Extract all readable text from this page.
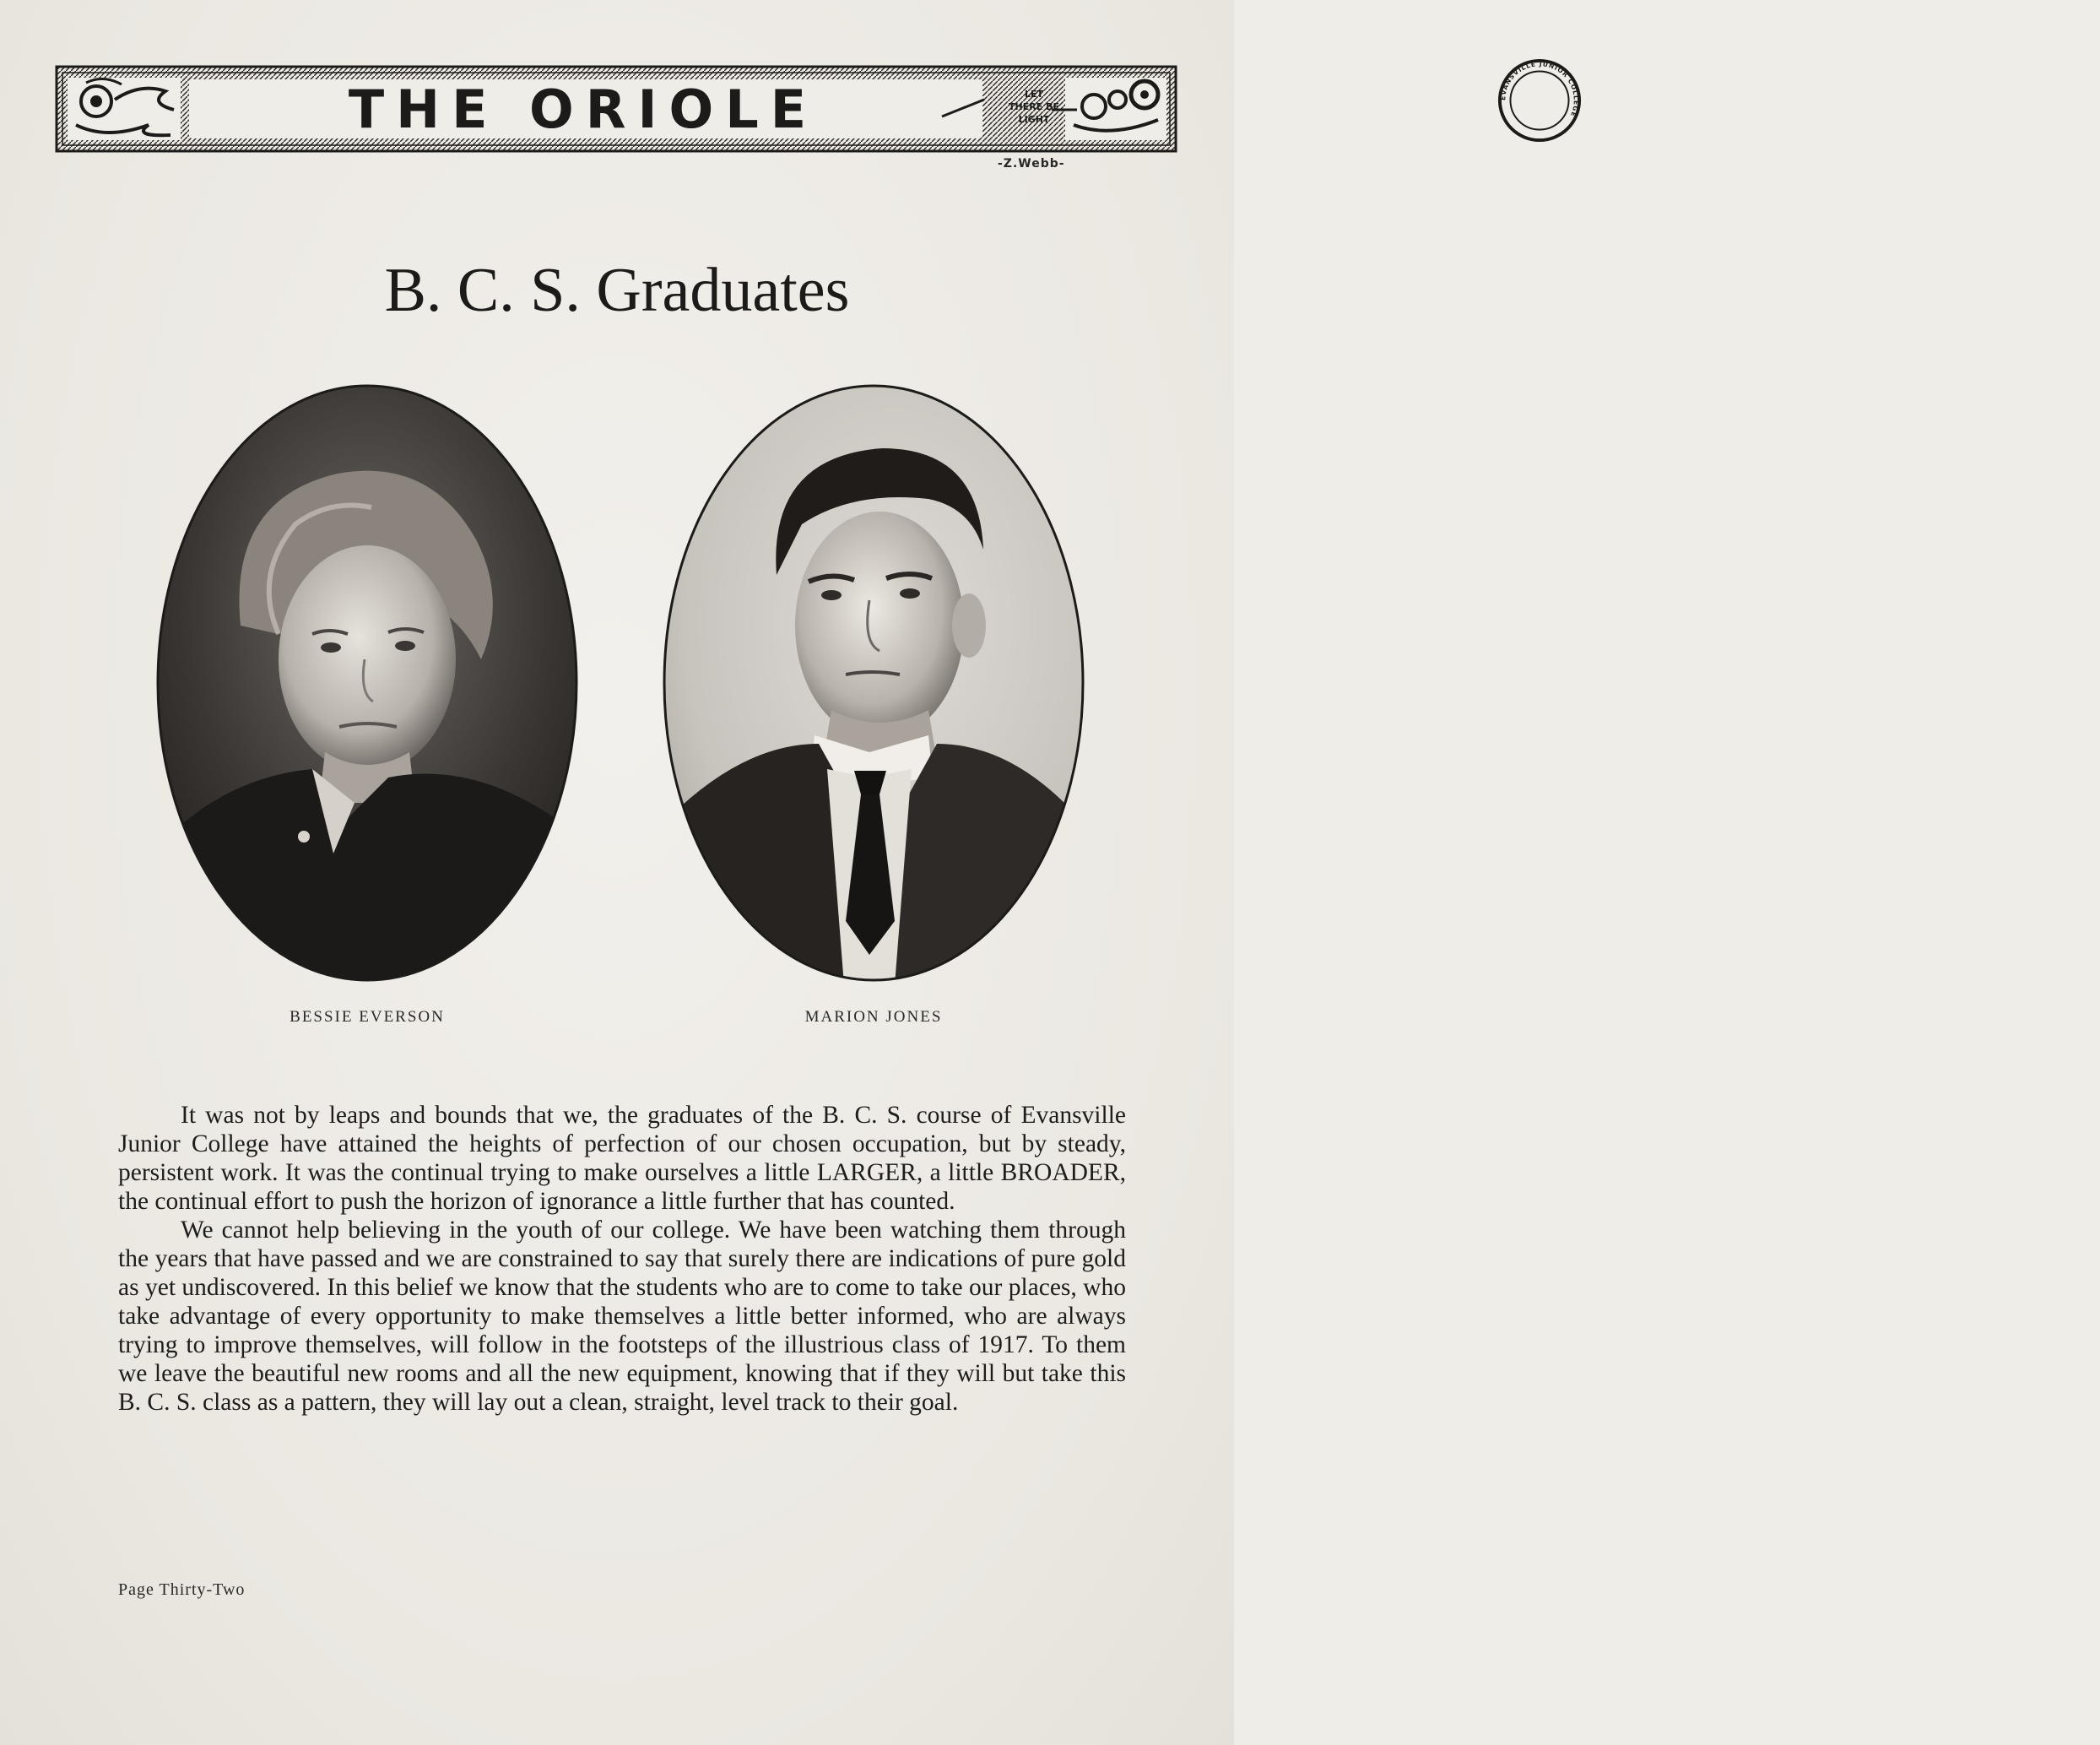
THE ORIOLE	EVANSVILLE JUNIOR COLLEGE
LET
THERE BE
LIGHT
-Z.Webb-
B. C. S. Graduates
BESSIE EVERSON	MARION JONES

It was not by leaps and bounds that we, the graduates of the B. C. S. course of Evansville Junior College have attained the heights of perfection of our chosen occupation, but by steady, persistent work. It was the continual trying to make ourselves a little LARGER, a little BROADER, the continual effort to push the horizon of ignorance a little further that has counted.

We cannot help believing in the youth of our college. We have been watching them through the years that have passed and we are constrained to say that surely there are indications of pure gold as yet undiscovered. In this belief we know that the students who are to come to take our places, who take advantage of every opportunity to make themselves a little better informed, who are always trying to improve themselves, will follow in the footsteps of the illustrious class of 1917. To them we leave the beautiful new rooms and all the new equipment, knowing that if they will but take this B. C. S. class as a pattern, they will lay out a clean, straight, level track to their goal.

Page Thirty-Two
